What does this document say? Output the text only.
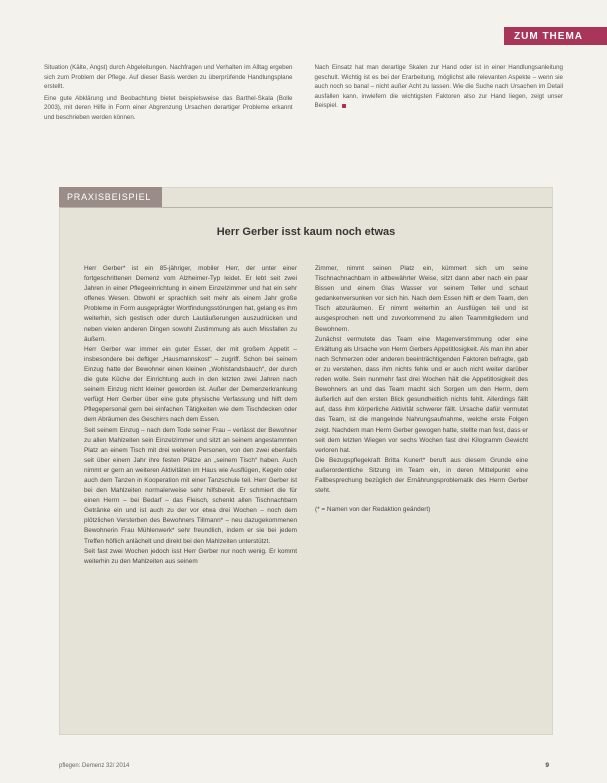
ZUM THEMA

Situation (Kälte, Angst) durch Abgeleitungen. Nachfragen und Verhalten im Alltag ergeben sich zum Problem der Pflege. Auf dieser Basis werden zu überprüfende Handlungsplane erstellt.

Eine gute Abklärung und Beobachtung bietet beispielsweise das Barthel-Skala (Bolle 2003), mit deren Hilfe in Form einer Abgrenzung Ursachen derartiger Probleme erkannt und beschrieben werden können.

Nach Einsatz hat man derartige Skalen zur Hand oder ist in einer Handlungsanleitung geschult. Wichtig ist es bei der Erarbeitung, möglichst alle relevanten Aspekte – wenn sie auch noch so banal – nicht außer Acht zu lassen. Wie die Suche nach Ursachen im Detail ausfallen kann, inwiefern die wichtigsten Faktoren also zur Hand liegen, zeigt unser Beispiel.

PRAXISBEISPIEL
Herr Gerber isst kaum noch etwas

Herr Gerber* ist ein 85-jähriger, mobiler Herr, der unter einer fortgeschrittenen Demenz vom Alzheimer-Typ leidet. Er lebt seit zwei Jahren in einer Pflegeeinrichtung in einem Einzelzimmer und hat ein sehr offenes Wesen. Obwohl er sprachlich seit mehr als einem Jahr große Probleme in Form ausgeprägter Wortfindungsstörungen hat, gelang es ihm weiterhin, sich gestisch oder durch Lautäußerungen auszudrücken und neben vielen anderen Dingen sowohl Zustimmung als auch Missfallen zu äußern.

Herr Gerber war immer ein guter Esser, der mit großem Appetit – insbesondere bei deftiger „Hausmannskost“ – zugriff. Schon bei seinem Einzug hatte der Bewohner einen kleinen „Wohlstandsbauch“, der durch die gute Küche der Einrichtung auch in den letzten zwei Jahren nach seinem Einzug nicht kleiner geworden ist. Außer der Demenzerkrankung verfügt Herr Gerber über eine gute physische Verfassung und hilft dem Pflegepersonal gern bei einfachen Tätigkeiten wie dem Tischdecken oder dem Abräumen des Geschirrs nach dem Essen.

Seit seinem Einzug – nach dem Tode seiner Frau – verlässt der Bewohner zu allen Mahlzeiten sein Einzelzimmer und sitzt an seinem angestammten Platz an einem Tisch mit drei weiteren Personen, von den zwei ebenfalls seit über einem Jahr ihre festen Plätze an „seinem Tisch“ haben. Auch nimmt er gern an weiteren Aktivitäten im Haus wie Ausflügen, Kegeln oder auch dem Tanzen in Kooperation mit einer Tanzschule teil. Herr Gerber ist bei den Mahlzeiten normalerweise sehr hilfsbereit. Er schmiert die für einen Herrn – bei Bedarf – das Fleisch, schenkt allen Tischnachbarn Getränke ein und ist auch zu der vor etwa drei Wochen – noch dem plötzlichen Versterben des Bewohners Tillmann* – neu dazugekommenen Bewohnerin Frau Mühlenwerk* sehr freundlich, indem er sie bei jedem Treffen höflich anlächelt und direkt bei den Mahlzeiten unterstützt.

Seit fast zwei Wochen jedoch isst Herr Gerber nur noch wenig. Er kommt weiterhin zu den Mahlzeiten aus seinem

Zimmer, nimmt seinen Platz ein, kümmert sich um seine Tischnachnachbarn in altbewährter Weise, sitzt dann aber nach ein paar Bissen und einem Glas Wasser vor seinem Teller und schaut gedankenversunken vor sich hin. Nach dem Essen hilft er dem Team, den Tisch abzuräumen. Er nimmt weiterhin an Ausflügen teil und ist ausgesprochen nett und zuvorkommend zu allen Teammitgliedern und Bewohnern.

Zunächst vermutete das Team eine Magenverstimmung oder eine Erkältung als Ursache von Herrn Gerbers Appetitlosigkeit. Als man ihn aber nach Schmerzen oder anderen beeinträchtigenden Faktoren befragte, gab er zu verstehen, dass ihm nichts fehle und er auch nicht weiter darüber reden wolle. Sein nunmehr fast drei Wochen hält die Appetitlosigkeit des Bewohners an und das Team macht sich Sorgen um den Herrn, dem äußerlich auf den ersten Blick gesundheitlich nichts fehlt. Allerdings fällt auf, dass ihm körperliche Aktivität schwerer fällt. Ursache dafür vermutet das Team, ist die mangelnde Nahrungsaufnahme, welche erste Folgen zeigt. Nachdem man Herrn Gerber gewogen hatte, stellte man fest, dass er seit dem letzten Wiegen vor sechs Wochen fast drei Kilogramm Gewicht verloren hat.

Die Bezugspflegekraft Britta Kunert* beruft aus diesem Grunde eine außerordentliche Sitzung im Team ein, in deren Mittelpunkt eine Fallbesprechung bezüglich der Ernährungsproblematik des Herrn Gerber steht.

(* = Namen von der Redaktion geändert)

pflegen: Demenz 32/ 2014	9
